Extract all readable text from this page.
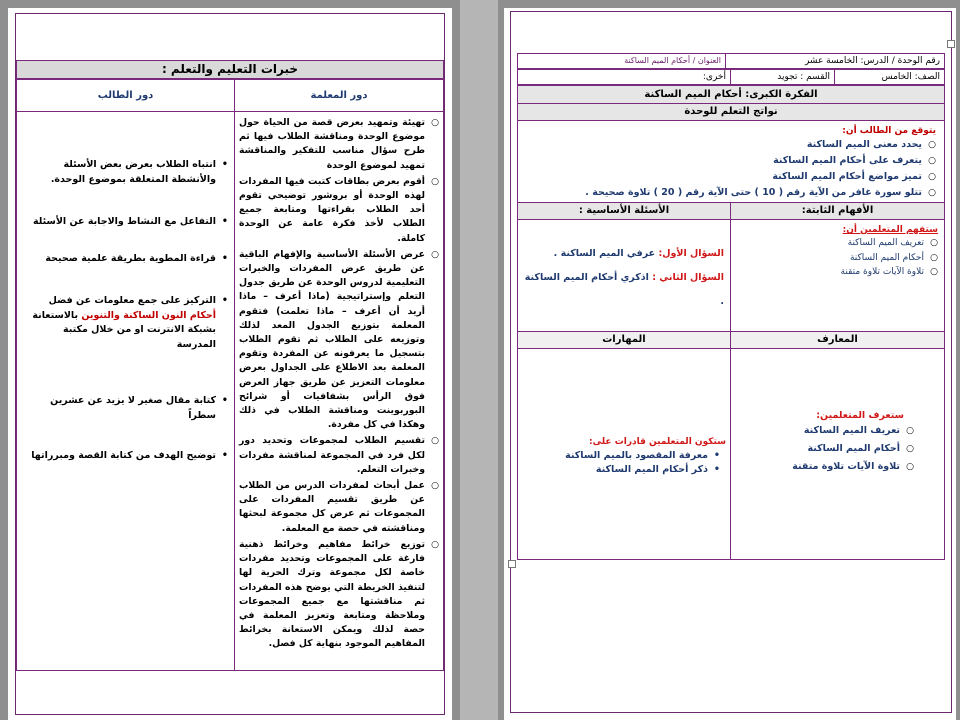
خبرات التعليم والتعلم :
دور المعلمة
دور الطالب
○ تهيئة وتمهيد بعرض قصة من الحياة حول موضوع الوحدة ومناقشة الطلاب فيها ثم طرح سؤال مناسب للتفكير والمناقشة تمهيد لموضوع الوحدة
○ أقوم بعرض بطاقات كتبت فيها المفردات لهذه الوحدة أو بروشور توضيحي تقوم أحد الطلاب بقراءتها ومتابعة جميع الطلاب لأخذ فكرة عامة عن الوحدة كاملة.
○ عرض الأسئلة الأساسية والإفهام الباقية عن طريق عرض المفردات والخبرات التعليمية لدروس الوحدة عن طريق جدول التعلم وإستراتيجية (ماذا أعرف – ماذا أريد أن أعرف – ماذا تعلمت) فتقوم المعلمة بتوزيع الجدول المعد لذلك وتوزيعه على الطلاب ثم تقوم الطلاب بتسجيل ما يعرفونه عن المفردة وتقوم المعلمة بعد الاطلاع على الجداول بعرض معلومات التعزيز عن طريق جهاز العرض فوق الرأس بشفافيات أو شرائح البوربوينت ومناقشة الطلاب في ذلك وهكذا في كل مفردة.
○ تقسيم الطلاب لمجموعات وتحديد دور لكل فرد في المجموعة لمناقشة مفردات وخبرات التعلم.
○ عمل أبحاث لمفردات الدرس من الطلاب عن طريق تقسيم المفردات على المجموعات ثم عرض كل مجموعة لبحثها ومناقشته في حصة مع المعلمة.
○ توزيع خرائط مفاهيم وخرائط ذهنية فارغة على المجموعات وتحديد مفردات خاصة لكل مجموعة وترك الحرية لها لتنفيذ الخريطة التي يوضح هذه المفردات ثم مناقشتها مع جميع المجموعات وملاحظة ومتابعة وتعزيز المعلمة في حصة لذلك ويمكن الاستعانة بخرائط المفاهيم الموجود بنهاية كل فصل.
• انتباه الطلاب بعرض بعض الأسئلة والأنشطة المتعلقة بموضوع الوحدة.
• التفاعل مع النشاط والاجابة عن الأسئلة
• قراءة المطوية بطريقة علمية صحيحة
• التركيز على جمع معلومات عن فضل أحكام النون الساكنة والتنوين بالاستعانة بشبكة الانترنت او من خلال مكتبة المدرسة
• كتابة مقال صغير لا يزيد عن عشرين سطراً
• توضيح الهدف من كتابة القصة ومبرراتها
رقم الوحدة / الدرس: الخامسة عشر
العنوان / أحكام الميم الساكنة
الصف: الخامس
القسم : تجويد
أخرى:
الفكرة الكبرى: أحكام الميم الساكنة
نواتج التعلم للوحدة
يتوقع من الطالب أن:
○ يحدد معنى الميم الساكنة
○ يتعرف على أحكام الميم الساكنة
○ تميز مواضع أحكام الميم الساكنة
○ تتلو سورة غافر من الآية رقم ( 10 ) حتى الآية رقم ( 20 ) تلاوة صحيحة .
الأفهام الثابتة:
الأسئلة الأساسية :
ستفهم المتعلمين أن:
○ تعريف الميم الساكنة
○ أحكام الميم الساكنة
○ تلاوة الآيات تلاوة متقنة
السؤال الأول: عرفي الميم الساكنة .
السؤال الثاني : اذكري أحكام الميم الساكنة .
المعارف
المهارات
ستعرف المتعلمين:
○ تعريف الميم الساكنة
○ أحكام الميم الساكنة
○ تلاوة الآيات تلاوة متقنة
ستكون المتعلمين قادرات على:
• معرفة المقصود بالميم الساكنة
• ذكر أحكام الميم الساكنة
